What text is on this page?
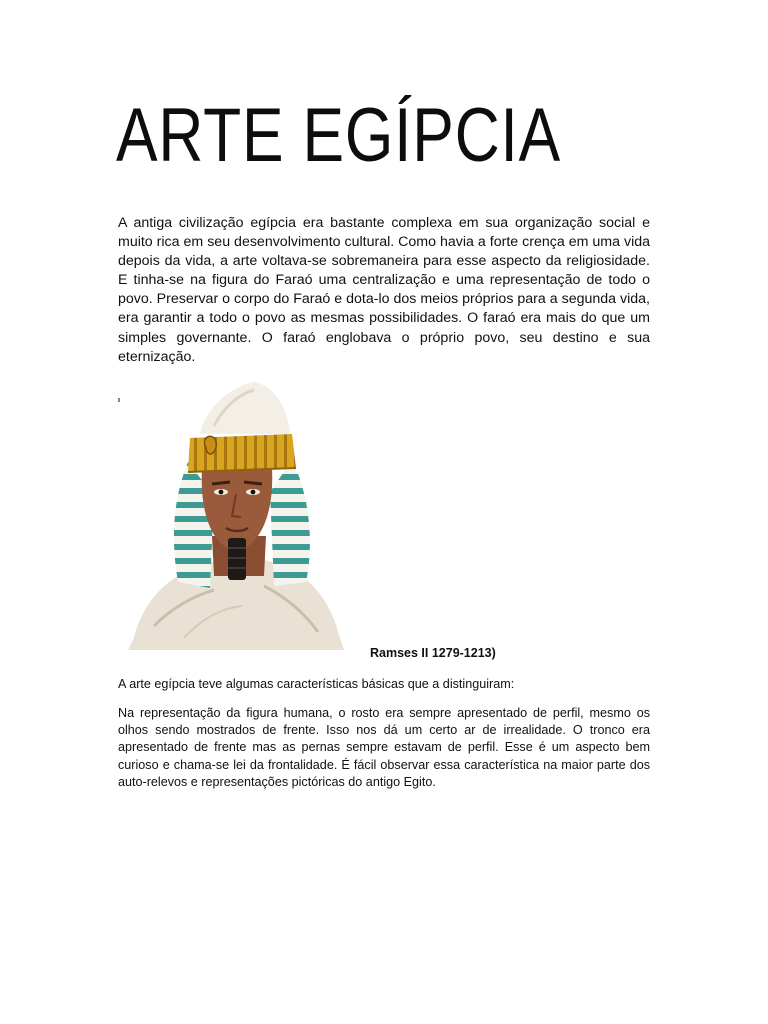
ARTE EGÍPCIA

A antiga civilização egípcia era bastante complexa em sua organização social e muito rica em seu desenvolvimento cultural. Como havia a forte crença em uma vida depois da vida, a arte voltava-se sobremaneira para esse aspecto da religiosidade. E tinha-se na figura do Faraó uma centralização e uma representação de todo o povo. Preservar o corpo do Faraó e dota-lo dos meios próprios para a segunda vida, era garantir a todo o povo as mesmas possibilidades. O faraó era mais do que um simples governante. O faraó englobava o próprio povo, seu destino e sua eternização.

Ramses II 1279-1213)

A arte egípcia teve algumas características básicas que a distinguiram:

Na representação da figura humana, o rosto era sempre apresentado de perfil, mesmo os olhos sendo mostrados de frente. Isso nos dá um certo ar de irrealidade. O tronco era apresentado de frente mas as pernas sempre estavam de perfil. Esse é um aspecto bem curioso e chama-se lei da frontalidade. É fácil observar essa característica na maior parte dos auto-relevos e representações pictóricas do antigo Egito.
